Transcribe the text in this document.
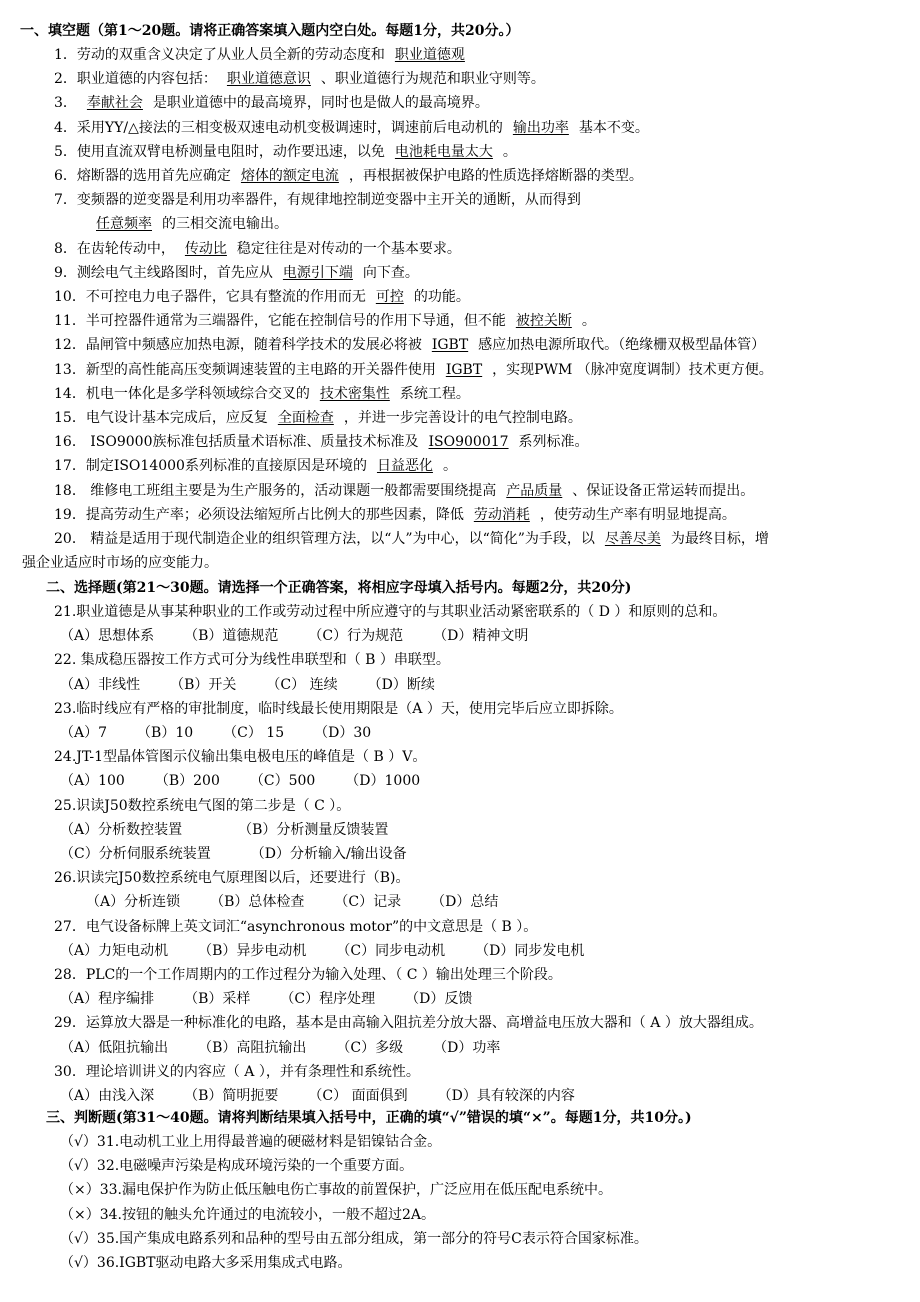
一、填空题（第1～20题。请将正确答案填入题内空白处。每题1分，共20分。）
1．劳动的双重含义决定了从业人员全新的劳动态度和 职业道德观
2．职业道德的内容包括： 职业道德意识 、职业道德行为规范和职业守则等。
3． 奉献社会 是职业道德中的最高境界，同时也是做人的最高境界。
4．采用YY/△接法的三相变极双速电动机变极调速时，调速前后电动机的 输出功率 基本不变。
5．使用直流双臂电桥测量电阻时，动作要迅速，以免 电池耗电量太大 。
6．熔断器的选用首先应确定 熔体的额定电流 ，再根据被保护电路的性质选择熔断器的类型。
7．变频器的逆变器是利用功率器件，有规律地控制逆变器中主开关的通断，从而得到
任意频率 的三相交流电输出。
8．在齿轮传动中， 传动比 稳定往往是对传动的一个基本要求。
9．测绘电气主线路图时，首先应从 电源引下端 向下查。
10．不可控电力电子器件，它具有整流的作用而无 可控 的功能。
11．半可控器件通常为三端器件，它能在控制信号的作用下导通，但不能 被控关断 。
12．晶闸管中频感应加热电源，随着科学技术的发展必将被 IGBT 感应加热电源所取代。（绝缘栅双极型晶体管）
13．新型的高性能高压变频调速装置的主电路的开关器件使用 IGBT ，实现PWM （脉冲宽度调制）技术更方便。
14．机电一体化是多学科领域综合交叉的 技术密集性 系统工程。
15．电气设计基本完成后，应反复 全面检查 ，并进一步完善设计的电气控制电路。
16． ISO9000族标准包括质量术语标准、质量技术标准及 ISO900017 系列标准。
17．制定ISO14000系列标准的直接原因是环境的 日益恶化 。
18． 维修电工班组主要是为生产服务的，活动课题一般都需要围绕提高 产品质量 、保证设备正常运转而提出。
19．提高劳动生产率；必须设法缩短所占比例大的那些因素，降低 劳动消耗 ，使劳动生产率有明显地提高。
20． 精益是适用于现代制造企业的组织管理方法，以“人”为中心，以“简化”为手段，以 尽善尽美 为最终目标，增
强企业适应时市场的应变能力。
二、选择题(第21～30题。请选择一个正确答案，将相应字母填入括号内。每题2分，共20分)
21.职业道德是从事某种职业的工作或劳动过程中所应遵守的与其职业活动紧密联系的（ D ）和原则的总和。
（A）思想体系 （B）道德规范 （C）行为规范 （D）精神文明
22. 集成稳压器按工作方式可分为线性串联型和（ B ）串联型。
（A）非线性 （B）开关 （C） 连续 （D）断续
23.临时线应有严格的审批制度，临时线最长使用期限是（A ）天，使用完毕后应立即拆除。
（A）7 （B）10 （C） 15 （D）30
24.JT-1型晶体管图示仪输出集电极电压的峰值是（ B ）V。
（A）100 （B）200 （C）500 （D）1000
25.识读J50数控系统电气图的第二步是（ C ）。
（A）分析数控装置	（B）分析测量反馈装置
（C）分析伺服系统装置	（D）分析输入/输出设备
26.识读完J50数控系统电气原理图以后，还要进行（B)。
（A）分析连锁 （B）总体检查 （C）记录 （D）总结
27．电气设备标牌上英文词汇“asynchronous motor”的中文意思是（ B ）。
（A）力矩电动机 （B）异步电动机 （C）同步电动机 （D）同步发电机
28．PLC的一个工作周期内的工作过程分为输入处理、（ C ）输出处理三个阶段。
（A）程序编排 （B）采样 （C）程序处理 （D）反馈
29．运算放大器是一种标准化的电路，基本是由高输入阻抗差分放大器、高增益电压放大器和（ A ）放大器组成。
（A）低阻抗输出 （B）高阻抗输出 （C）多级 （D）功率
30．理论培训讲义的内容应（ A ），并有条理性和系统性。
（A）由浅入深 （B）简明扼要 （C） 面面俱到 （D）具有较深的内容
三、判断题(第31～40题。请将判断结果填入括号中，正确的填“√”错误的填“×”。每题1分，共10分。)
（√）31.电动机工业上用得最普遍的硬磁材料是铝镍钴合金。
（√）32.电磁噪声污染是构成环境污染的一个重要方面。
（×）33.漏电保护作为防止低压触电伤亡事故的前置保护，广泛应用在低压配电系统中。
（×）34.按钮的触头允许通过的电流较小，一般不超过2A。
（√）35.国产集成电路系列和品种的型号由五部分组成，第一部分的符号C表示符合国家标准。
（√）36.IGBT驱动电路大多采用集成式电路。
